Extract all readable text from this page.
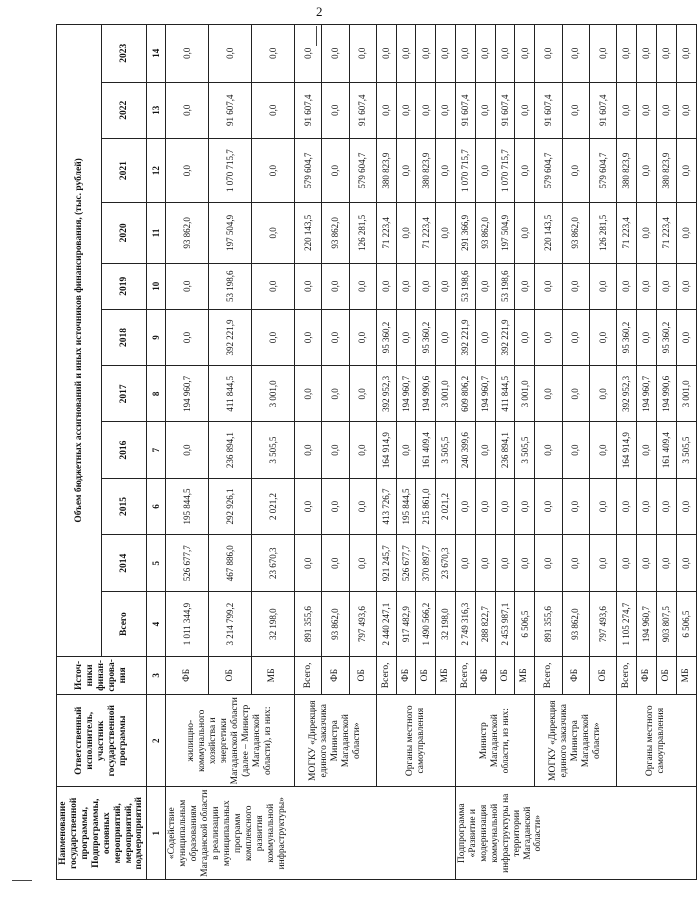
2
Наименование государственной программы, Подпрограммы, основных мероприятий, мероприятий, подмероприятий	Ответственный исполнитель, участник государственной программы	Источ-ники финан-сирова-ния	Объем бюджетных ассигнований и иных источников финансирования, (тыс. рублей)										
			Всего	2014	2015	2016	2017	2018	2019	2020	2021	2022	2023
1	2	3	4	5	6	7	8	9	10	11	12	13	14
«Содействие муниципальным образованиям Магаданской области в реализации муниципальных программ комплексного развития коммунальной инфраструктуры»	жилищно-коммунального хозяйства и энергетики Магаданской области (далее – Министр Магаданской области), из них:	ФБ	1 011 344,9	526 677,7	195 844,5	0,0	194 960,7	0,0	0,0	93 862,0	0,0	0,0	0,0
		ОБ	3 214 799,2	467 886,0	292 926,1	236 894,1	411 844,5	392 221,9	53 198,6	197 504,9	1 070 715,7	91 607,4	0,0
		МБ	32 198,0	23 670,3	2 021,2	3 505,5	3 001,0	0,0	0,0	0,0	0,0	0,0	0,0
	МОГКУ «Дирекция единого заказчика Министра Магаданской области»	Всего,	891 355,6	0,0	0,0	0,0	0,0	0,0	0,0	220 143,5	579 604,7	91 607,4	0,0
		ФБ	93 862,0	0,0	0,0	0,0	0,0	0,0	0,0	93 862,0	0,0	0,0	0,0
		ОБ	797 493,6	0,0	0,0	0,0	0,0	0,0	0,0	126 281,5	579 604,7	91 607,4	0,0
	Органы местного самоуправления	Всего,	2 440 247,1	921 245,7	413 726,7	164 914,9	392 952,3	95 360,2	0,0	71 223,4	380 823,9	0,0	0,0
		ФБ	917 482,9	526 677,7	195 844,5	0,0	194 960,7	0,0	0,0	0,0	0,0	0,0	0,0
		ОБ	1 490 566,2	370 897,7	215 861,0	161 409,4	194 990,6	95 360,2	0,0	71 223,4	380 823,9	0,0	0,0
		МБ	32 198,0	23 670,3	2 021,2	3 505,5	3 001,0	0,0	0,0	0,0	0,0	0,0	0,0
Подпрограмма «Развитие и модернизация коммунальной инфраструктуры на территории Магаданской области»	Министр Магаданской области, из них:	Всего,	2 749 316,3	0,0	0,0	240 399,6	609 806,2	392 221,9	53 198,6	291 366,9	1 070 715,7	91 607,4	0,0
		ФБ	288 822,7	0,0	0,0	0,0	194 960,7	0,0	0,0	93 862,0	0,0	0,0	0,0
		ОБ	2 453 987,1	0,0	0,0	236 894,1	411 844,5	392 221,9	53 198,6	197 504,9	1 070 715,7	91 607,4	0,0
		МБ	6 506,5	0,0	0,0	3 505,5	3 001,0	0,0	0,0	0,0	0,0	0,0	0,0
	МОГКУ «Дирекция единого заказчика Министра Магаданской области»	Всего,	891 355,6	0,0	0,0	0,0	0,0	0,0	0,0	220 143,5	579 604,7	91 607,4	0,0
		ФБ	93 862,0	0,0	0,0	0,0	0,0	0,0	0,0	93 862,0	0,0	0,0	0,0
		ОБ	797 493,6	0,0	0,0	0,0	0,0	0,0	0,0	126 281,5	579 604,7	91 607,4	0,0
	Органы местного самоуправления	Всего,	1 105 274,7	0,0	0,0	164 914,9	392 952,3	95 360,2	0,0	71 223,4	380 823,9	0,0	0,0
		ФБ	194 960,7	0,0	0,0	0,0	194 960,7	0,0	0,0	0,0	0,0	0,0	0,0
		ОБ	903 807,5	0,0	0,0	161 409,4	194 990,6	95 360,2	0,0	71 223,4	380 823,9	0,0	0,0
		МБ	6 506,5	0,0	0,0	3 505,5	3 001,0	0,0	0,0	0,0	0,0	0,0	0,0
